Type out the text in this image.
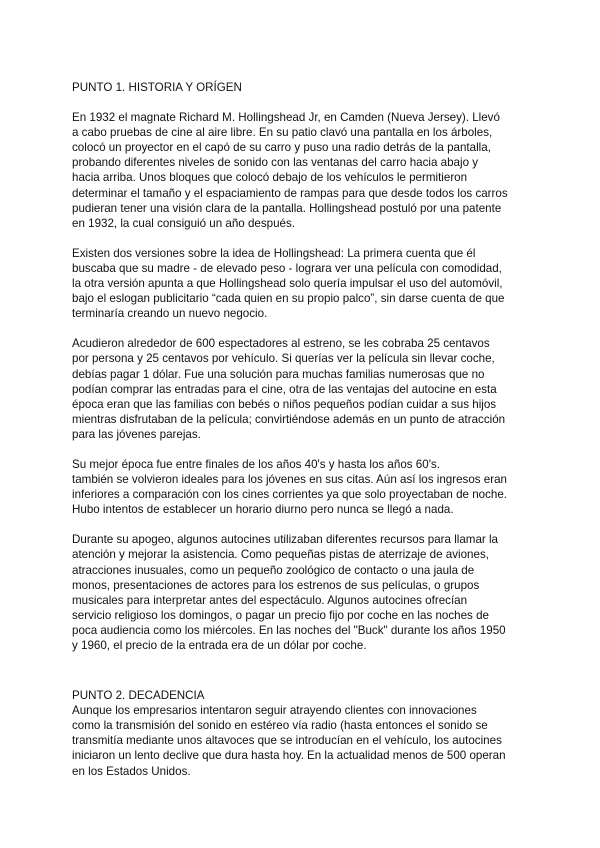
PUNTO 1. HISTORIA Y ORÍGEN

En 1932 el magnate Richard M. Hollingshead Jr, en Camden (Nueva Jersey). Llevó
a cabo pruebas de cine al aire libre. En su patio clavó una pantalla en los árboles,
colocó un proyector en el capó de su carro y puso una radio detrás de la pantalla,
probando diferentes niveles de sonido con las ventanas del carro hacia abajo y
hacia arriba. Unos bloques que colocó debajo de los vehículos le permitieron
determinar el tamaño y el espaciamiento de rampas para que desde todos los carros
pudieran tener una visión clara de la pantalla. Hollingshead postuló por una patente
en 1932, la cual consiguió un año después.

Existen dos versiones sobre la idea de Hollingshead: La primera cuenta que él
buscaba que su madre - de elevado peso - lograra ver una película con comodidad,
la otra versión apunta a que Hollingshead solo quería impulsar el uso del automóvil,
bajo el eslogan publicitario “cada quien en su propio palco”, sin darse cuenta de que
terminaría creando un nuevo negocio.

Acudieron alrededor de 600 espectadores al estreno, se les cobraba 25 centavos
por persona y 25 centavos por vehículo. Si querías ver la película sin llevar coche,
debías pagar 1 dólar. Fue una solución para muchas familias numerosas que no
podían comprar las entradas para el cine, otra de las ventajas del autocine en esta
época eran que las familias con bebés o niños pequeños podían cuidar a sus hijos
mientras disfrutaban de la película; convirtiéndose además en un punto de atracción
para las jóvenes parejas.

Su mejor época fue entre finales de los años 40's y hasta los años 60's.
también se volvieron ideales para los jóvenes en sus citas. Aún así los ingresos eran
inferiores a comparación con los cines corrientes ya que solo proyectaban de noche.
Hubo intentos de establecer un horario diurno pero nunca se llegó a nada.

Durante su apogeo, algunos autocines utilizaban diferentes recursos para llamar la
atención y mejorar la asistencia. Como pequeñas pistas de aterrizaje de aviones,
atracciones inusuales, como un pequeño zoológico de contacto o una jaula de
monos, presentaciones de actores para los estrenos de sus películas, o grupos
musicales para interpretar antes del espectáculo. Algunos autocines ofrecían
servicio religioso los domingos, o pagar un precio fijo por coche en las noches de
poca audiencia como los miércoles. En las noches del "Buck" durante los años 1950
y 1960, el precio de la entrada era de un dólar por coche.

PUNTO 2. DECADENCIA

Aunque los empresarios intentaron seguir atrayendo clientes con innovaciones
como la transmisión del sonido en estéreo vía radio (hasta entonces el sonido se
transmitía mediante unos altavoces que se introducían en el vehículo, los autocines
iniciaron un lento declive que dura hasta hoy. En la actualidad menos de 500 operan
en los Estados Unidos.
